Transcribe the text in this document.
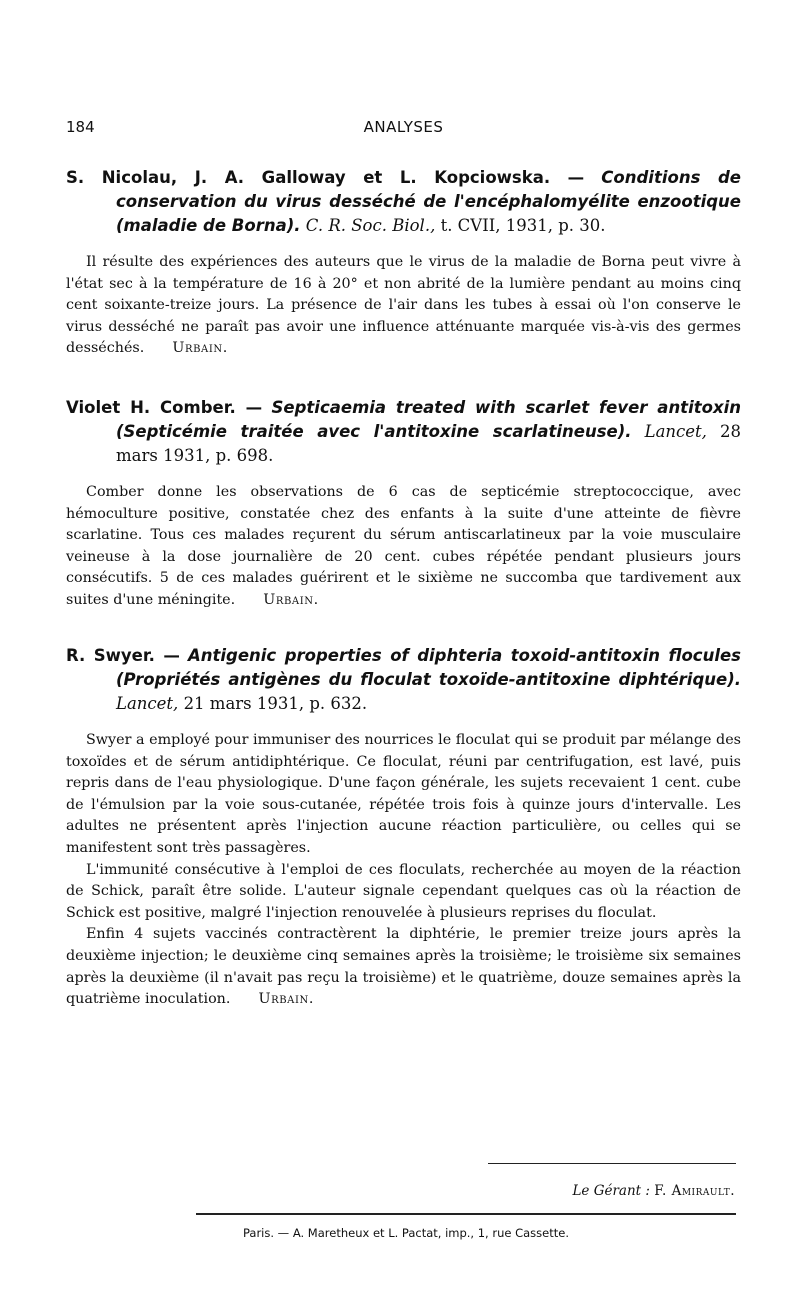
184	ANALYSES
S. Nicolau, J. A. Galloway et L. Kopciowska. — Conditions de conservation du virus desséché de l'encéphalomyélite enzootique (maladie de Borna). C. R. Soc. Biol., t. CVII, 1931, p. 30.

Il résulte des expériences des auteurs que le virus de la maladie de Borna peut vivre à l'état sec à la température de 16 à 20° et non abrité de la lumière pendant au moins cinq cent soixante-treize jours. La présence de l'air dans les tubes à essai où l'on conserve le virus desséché ne paraît pas avoir une influence atténuante marquée vis-à-vis des germes desséchés. Urbain.

Violet H. Comber. — Septicaemia treated with scarlet fever antitoxin (Septicémie traitée avec l'antitoxine scarlatineuse). Lancet, 28 mars 1931, p. 698.

Comber donne les observations de 6 cas de septicémie streptococcique, avec hémoculture positive, constatée chez des enfants à la suite d'une atteinte de fièvre scarlatine. Tous ces malades reçurent du sérum antiscarlatineux par la voie musculaire veineuse à la dose journalière de 20 cent. cubes répétée pendant plusieurs jours consécutifs. 5 de ces malades guérirent et le sixième ne succomba que tardivement aux suites d'une méningite. Urbain.

R. Swyer. — Antigenic properties of diphteria toxoid-antitoxin flocules (Propriétés antigènes du floculat toxoïde-antitoxine diphtérique). Lancet, 21 mars 1931, p. 632.

Swyer a employé pour immuniser des nourrices le floculat qui se produit par mélange des toxoïdes et de sérum antidiphtérique. Ce floculat, réuni par centrifugation, est lavé, puis repris dans de l'eau physiologique. D'une façon générale, les sujets recevaient 1 cent. cube de l'émulsion par la voie sous-cutanée, répétée trois fois à quinze jours d'intervalle. Les adultes ne présentent après l'injection aucune réaction particulière, ou celles qui se manifestent sont très passagères.

L'immunité consécutive à l'emploi de ces floculats, recherchée au moyen de la réaction de Schick, paraît être solide. L'auteur signale cependant quelques cas où la réaction de Schick est positive, malgré l'injection renouvelée à plusieurs reprises du floculat.

Enfin 4 sujets vaccinés contractèrent la diphtérie, le premier treize jours après la deuxième injection; le deuxième cinq semaines après la troisième; le troisième six semaines après la deuxième (il n'avait pas reçu la troisième) et le quatrième, douze semaines après la quatrième inoculation. Urbain.

Le Gérant : F. Amirault.
Paris. — A. Maretheux et L. Pactat, imp., 1, rue Cassette.
